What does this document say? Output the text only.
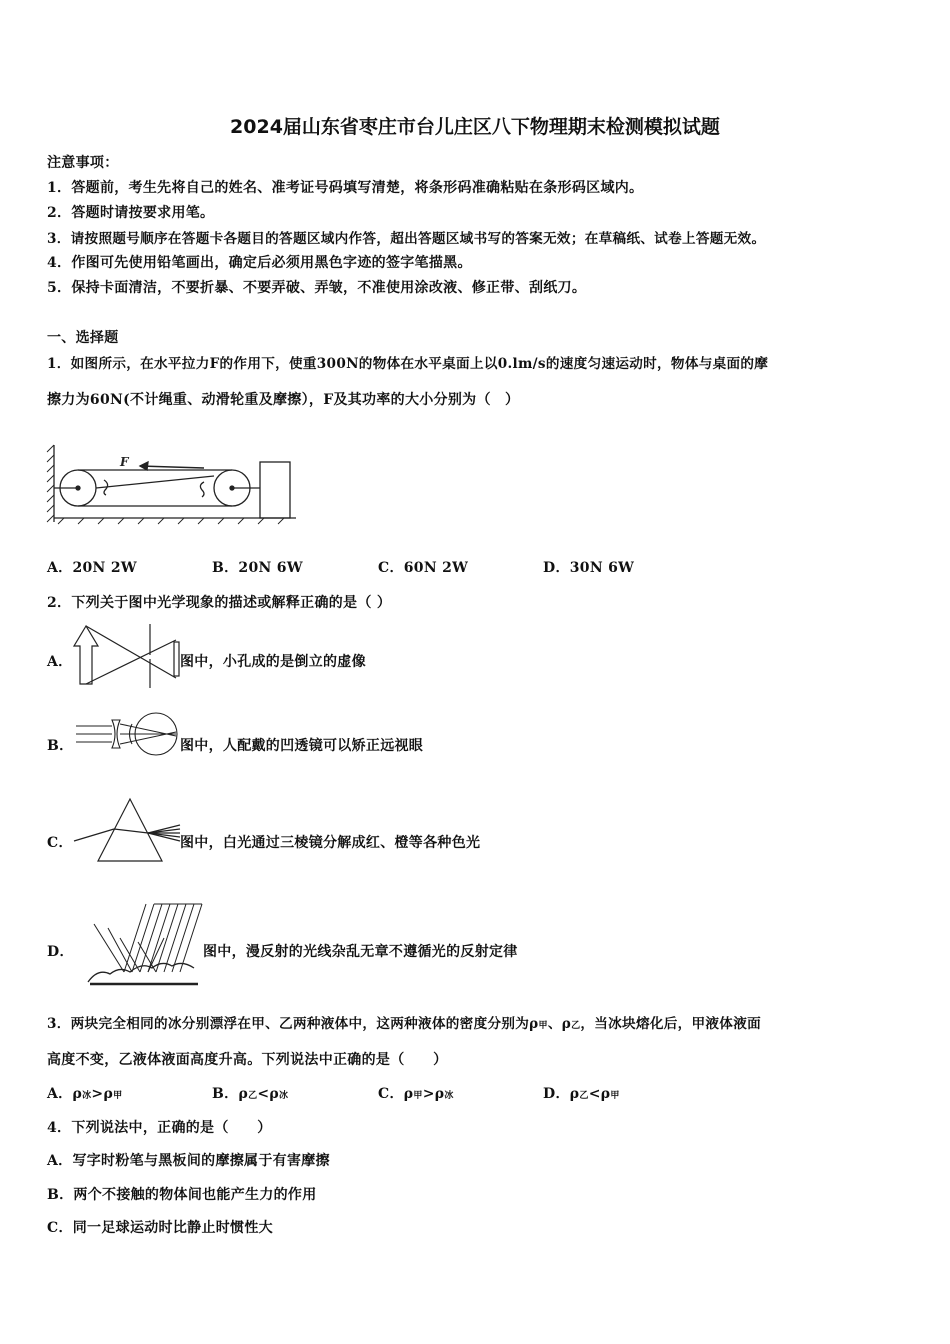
2024届山东省枣庄市台儿庄区八下物理期末检测模拟试题
注意事项：
1．答题前，考生先将自己的姓名、准考证号码填写清楚，将条形码准确粘贴在条形码区域内。
2．答题时请按要求用笔。
3．请按照题号顺序在答题卡各题目的答题区域内作答，超出答题区域书写的答案无效；在草稿纸、试卷上答题无效。
4．作图可先使用铅笔画出，确定后必须用黑色字迹的签字笔描黑。
5．保持卡面清洁，不要折暴、不要弄破、弄皱，不准使用涂改液、修正带、刮纸刀。
一、选择题
1．如图所示，在水平拉力F的作用下，使重300N的物体在水平桌面上以0.lm/s的速度匀速运动时，物体与桌面的摩
擦力为60N(不计绳重、动滑轮重及摩擦），F及其功率的大小分别为（　）
F
A．20N 2W	B．20N 6W	C．60N 2W	D．30N 6W
2．下列关于图中光学现象的描述或解释正确的是（ ）
A．	图中，小孔成的是倒立的虚像
B．	图中，人配戴的凹透镜可以矫正远视眼
C．	图中，白光通过三棱镜分解成红、橙等各种色光
D．	图中，漫反射的光线杂乱无章不遵循光的反射定律
3．两块完全相同的冰分别漂浮在甲、乙两种液体中，这两种液体的密度分别为ρ甲、ρ乙，当冰块熔化后，甲液体液面
高度不变，乙液体液面高度升高。下列说法中正确的是（　　）
A．ρ冰>ρ甲	B．ρ乙<ρ冰	C．ρ甲>ρ冰	D．ρ乙<ρ甲
4．下列说法中，正确的是（　　）
A．写字时粉笔与黑板间的摩擦属于有害摩擦
B．两个不接触的物体间也能产生力的作用
C．同一足球运动时比静止时惯性大
